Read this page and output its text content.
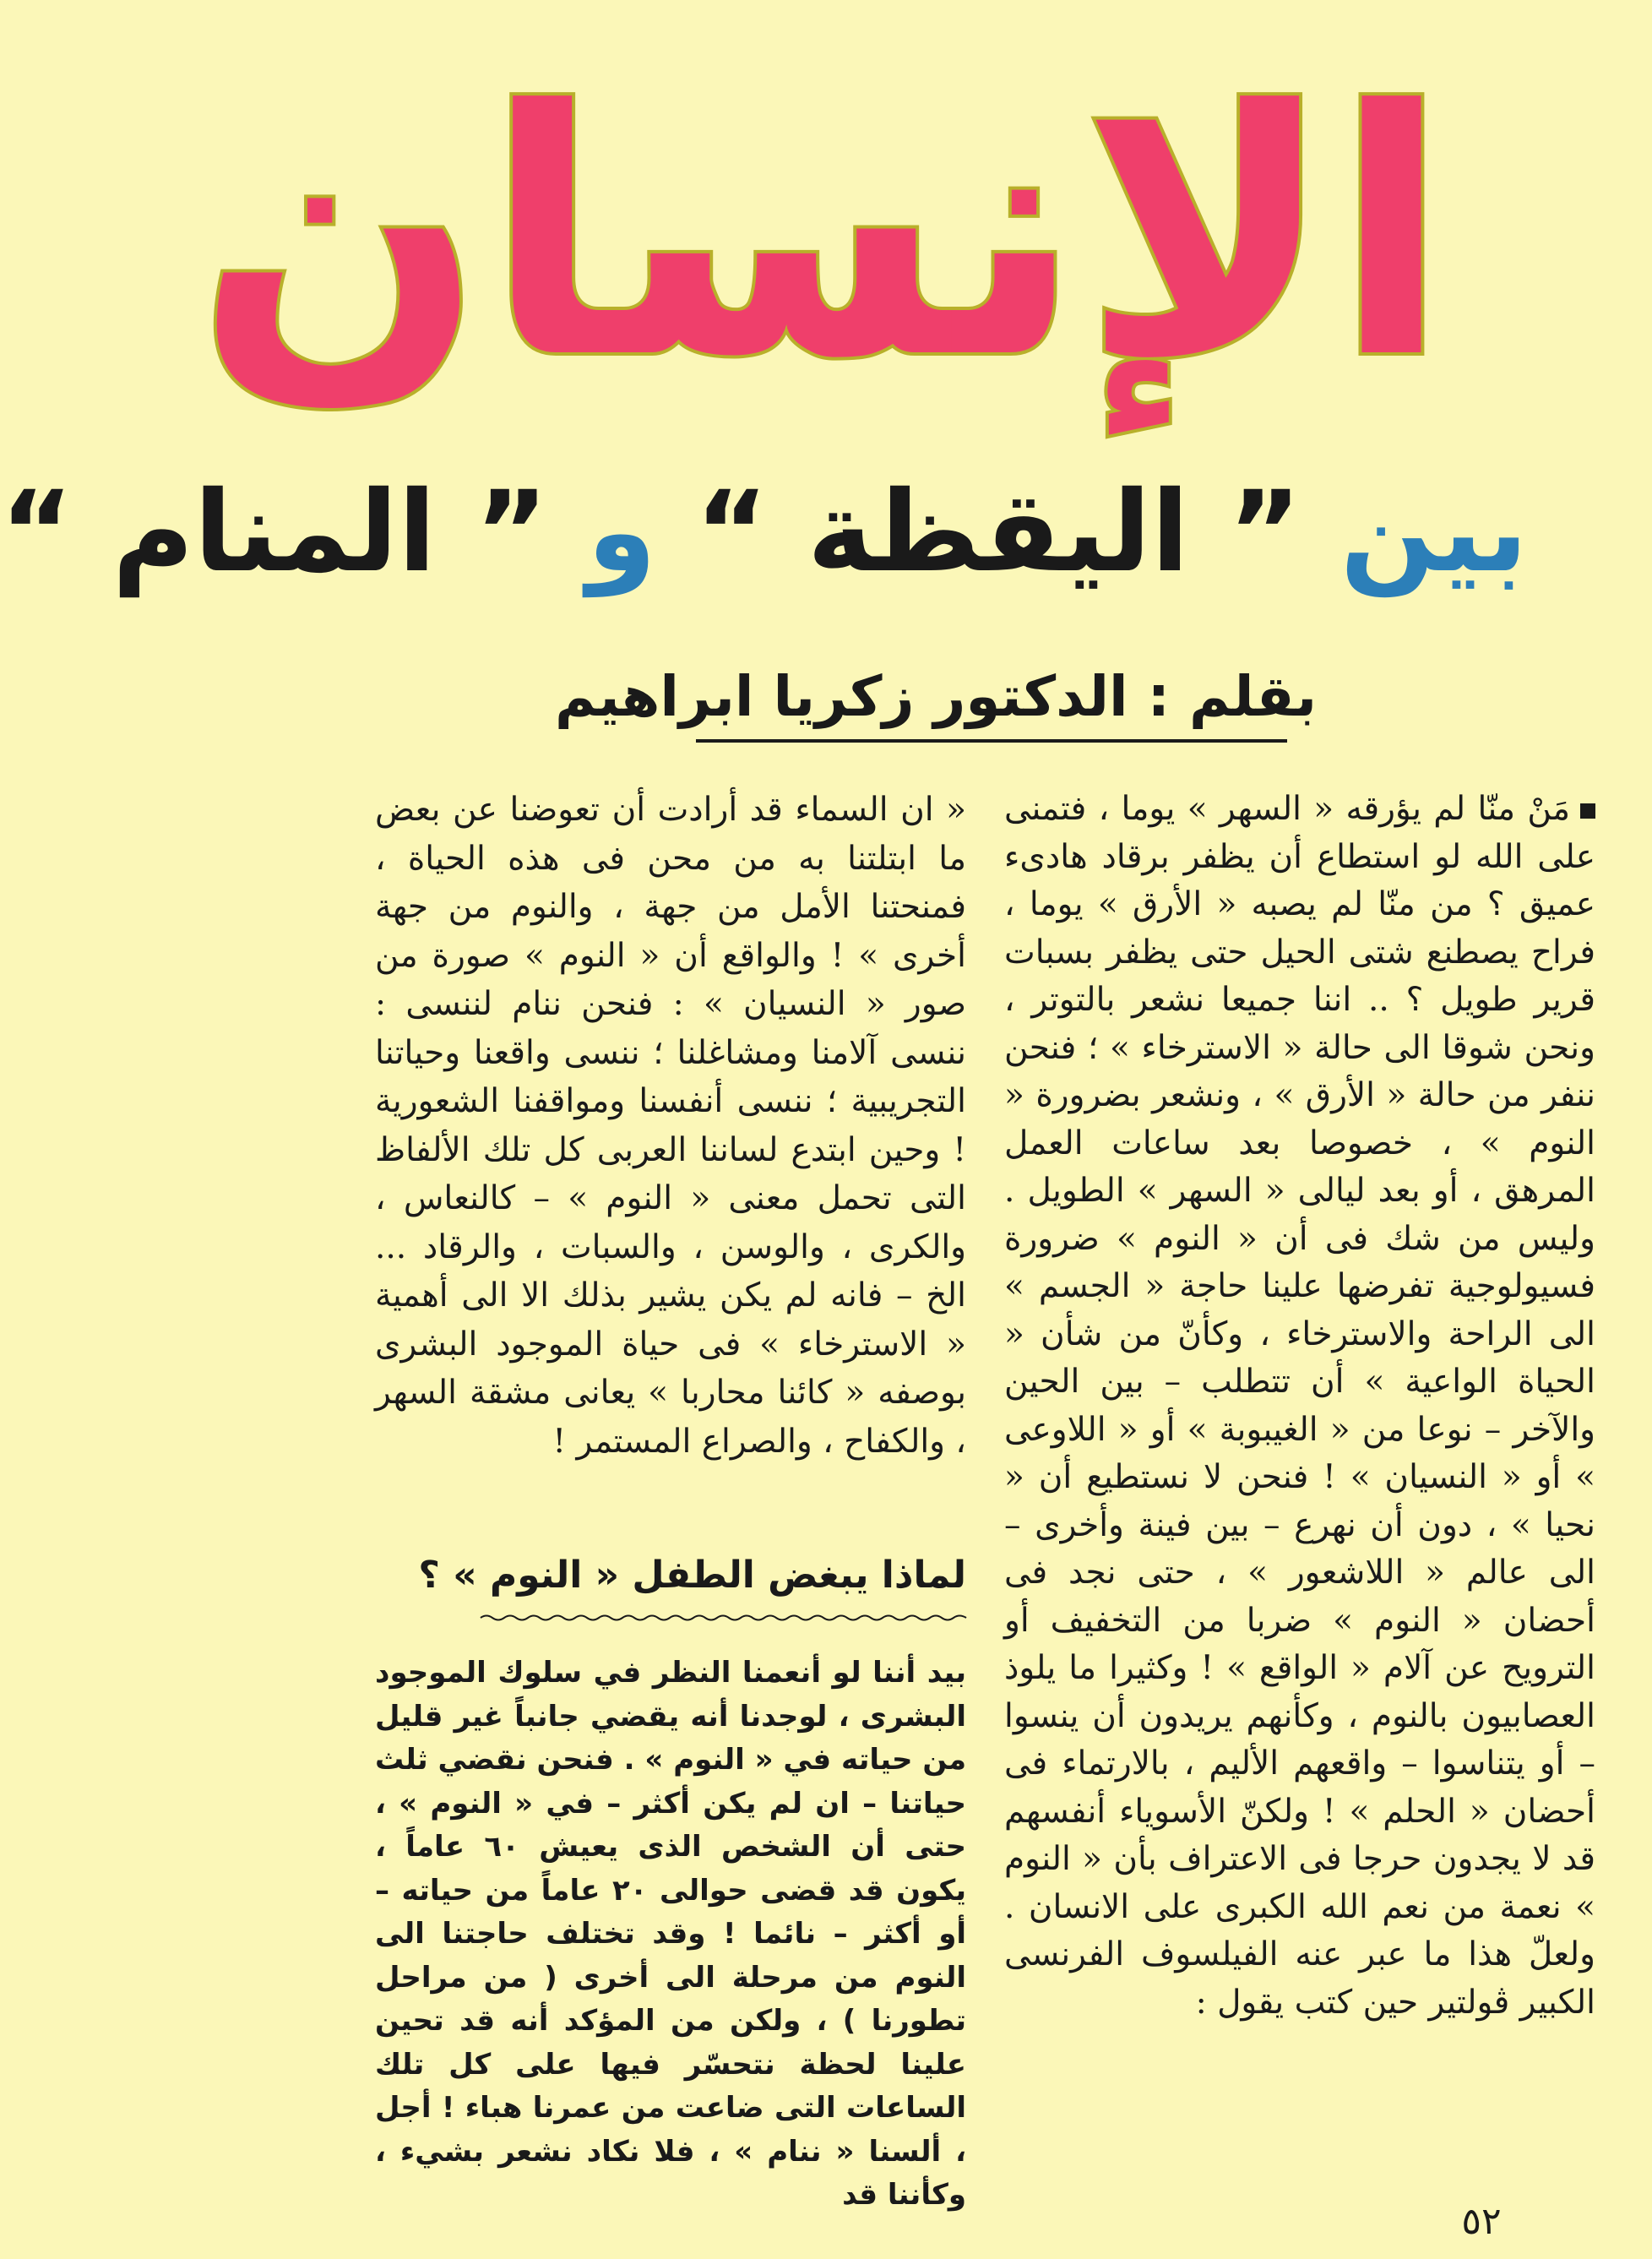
الإنسان
بين ” اليقظة “ و ” المنام “
بقلم : الدكتور زكريا ابراهيم
مَنْ منّا لم يؤرقه « السهر » يوما ، فتمنى على الله لو استطاع أن يظفر برقاد هادىء عميق ؟ من منّا لم يصبه « الأرق » يوما ، فراح يصطنع شتى الحيل حتى يظفر بسبات قرير طويل ؟ .. اننا جميعا نشعر بالتوتر ، ونحن شوقا الى حالة « الاسترخاء » ؛ فنحن ننفر من حالة « الأرق » ، ونشعر بضرورة « النوم » ، خصوصا بعد ساعات العمل المرهق ، أو بعد ليالى « السهر » الطويل . وليس من شك فى أن « النوم » ضرورة فسيولوجية تفرضها علينا حاجة « الجسم » الى الراحة والاسترخاء ، وكأنّ من شأن « الحياة الواعية » أن تتطلب – بين الحين والآخر – نوعا من « الغيبوبة » أو « اللاوعى » أو « النسيان » ! فنحن لا نستطيع أن « نحيا » ، دون أن نهرع – بين فينة وأخرى – الى عالم « اللاشعور » ، حتى نجد فى أحضان « النوم » ضربا من التخفيف أو الترويح عن آلام « الواقع » ! وكثيرا ما يلوذ العصابيون بالنوم ، وكأنهم يريدون أن ينسوا – أو يتناسوا – واقعهم الأليم ، بالارتماء فى أحضان « الحلم » ! ولكنّ الأسوياء أنفسهم قد لا يجدون حرجا فى الاعتراف بأن « النوم » نعمة من نعم الله الكبرى على الانسان . ولعلّ هذا ما عبر عنه الفيلسوف الفرنسى الكبير ڤولتير حين كتب يقول :
« ان السماء قد أرادت أن تعوضنا عن بعض ما ابتلتنا به من محن فى هذه الحياة ، فمنحتنا الأمل من جهة ، والنوم من جهة أخرى » ! والواقع أن « النوم » صورة من صور « النسيان » : فنحن ننام لننسى : ننسى آلامنا ومشاغلنا ؛ ننسى واقعنا وحياتنا التجريبية ؛ ننسى أنفسنا ومواقفنا الشعورية ! وحين ابتدع لساننا العربى كل تلك الألفاظ التى تحمل معنى « النوم » – كالنعاس ، والكرى ، والوسن ، والسبات ، والرقاد ... الخ – فانه لم يكن يشير بذلك الا الى أهمية « الاسترخاء » فى حياة الموجود البشرى بوصفه « كائنا محاربا » يعانى مشقة السهر ، والكفاح ، والصراع المستمر !
لماذا يبغض الطفل « النوم » ؟
بيد أننا لو أنعمنا النظر في سلوك الموجود البشرى ، لوجدنا أنه يقضي جانباً غير قليل من حياته في « النوم » . فنحن نقضي ثلث حياتنا – ان لم يكن أكثر – في « النوم » ، حتى أن الشخص الذى يعيش ٦٠ عاماً ، يكون قد قضى حوالى ٢٠ عاماً من حياته – أو أكثر – نائما ! وقد تختلف حاجتنا الى النوم من مرحلة الى أخرى ( من مراحل تطورنا ) ، ولكن من المؤكد أنه قد تحين علينا لحظة نتحسّر فيها على كل تلك الساعات التى ضاعت من عمرنا هباء ! أجل ، ألسنا « ننام » ، فلا نكاد نشعر بشيء ، وكأننا قد
٥٢
